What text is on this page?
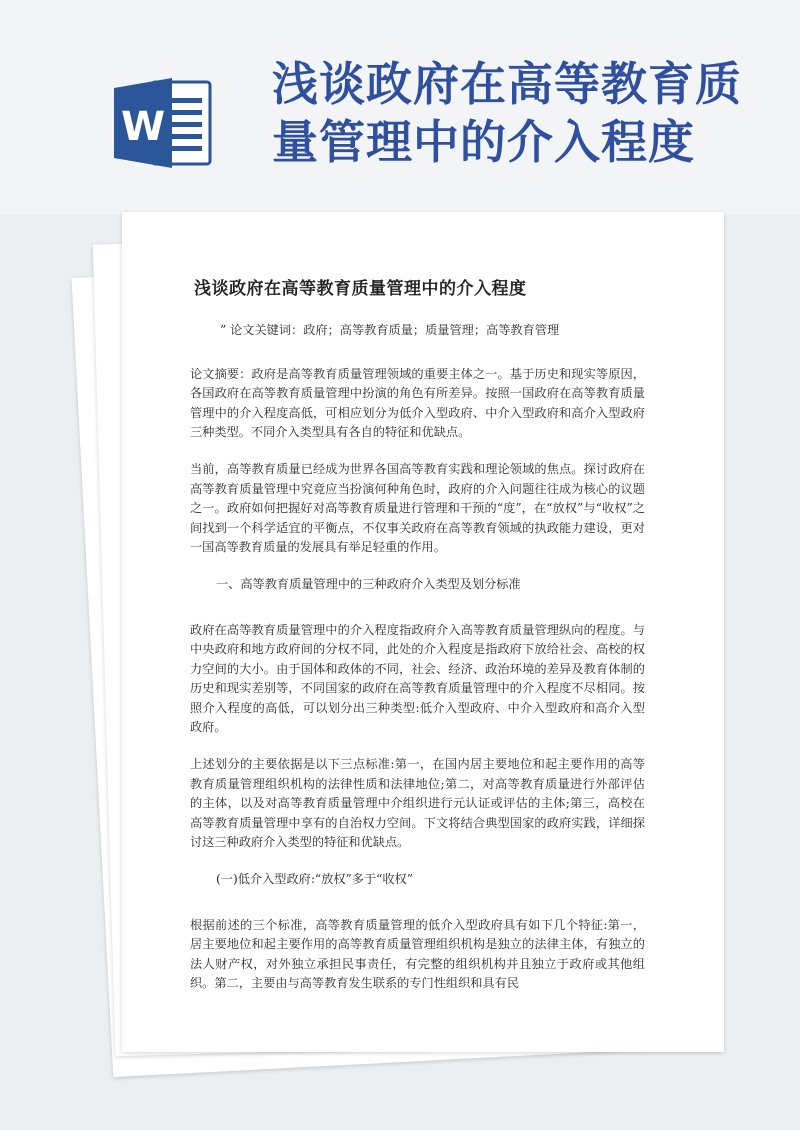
W
浅谈政府在高等教育质量管理中的介入程度
浅谈政府在高等教育质量管理中的介入程度
” 论文关键词：政府；高等教育质量；质量管理；高等教育管理
论文摘要：政府是高等教育质量管理领域的重要主体之一。基于历史和现实等原因，各国政府在高等教育质量管理中扮演的角色有所差异。按照一国政府在高等教育质量管理中的介入程度高低，可相应划分为低介入型政府、中介入型政府和高介入型政府三种类型。不同介入类型具有各自的特征和优缺点。
当前，高等教育质量已经成为世界各国高等教育实践和理论领域的焦点。探讨政府在高等教育质量管理中究竟应当扮演何种角色时，政府的介入问题往往成为核心的议题之一。政府如何把握好对高等教育质量进行管理和干预的“度”，在“放权”与“收权”之间找到一个科学适宜的平衡点，不仅事关政府在高等教育领域的执政能力建设，更对一国高等教育质量的发展具有举足轻重的作用。
一、高等教育质量管理中的三种政府介入类型及划分标准
政府在高等教育质量管理中的介入程度指政府介入高等教育质量管理纵向的程度。与中央政府和地方政府间的分权不同，此处的介入程度是指政府下放给社会、高校的权力空间的大小。由于国体和政体的不同，社会、经济、政治环境的差异及教育体制的历史和现实差别等，不同国家的政府在高等教育质量管理中的介入程度不尽相同。按照介入程度的高低，可以划分出三种类型:低介入型政府、中介入型政府和高介入型政府。
上述划分的主要依据是以下三点标准:第一，在国内居主要地位和起主要作用的高等教育质量管理组织机构的法律性质和法律地位;第二，对高等教育质量进行外部评估的主体，以及对高等教育质量管理中介组织进行元认证或评估的主体;第三，高校在高等教育质量管理中享有的自治权力空间。下文将结合典型国家的政府实践，详细探讨这三种政府介入类型的特征和优缺点。
(一)低介入型政府:“放权”多于“收权”
根据前述的三个标准，高等教育质量管理的低介入型政府具有如下几个特征:第一，居主要地位和起主要作用的高等教育质量管理组织机构是独立的法律主体，有独立的法人财产权，对外独立承担民事责任，有完整的组织机构并且独立于政府或其他组织。第二，主要由与高等教育发生联系的专门性组织和具有民
